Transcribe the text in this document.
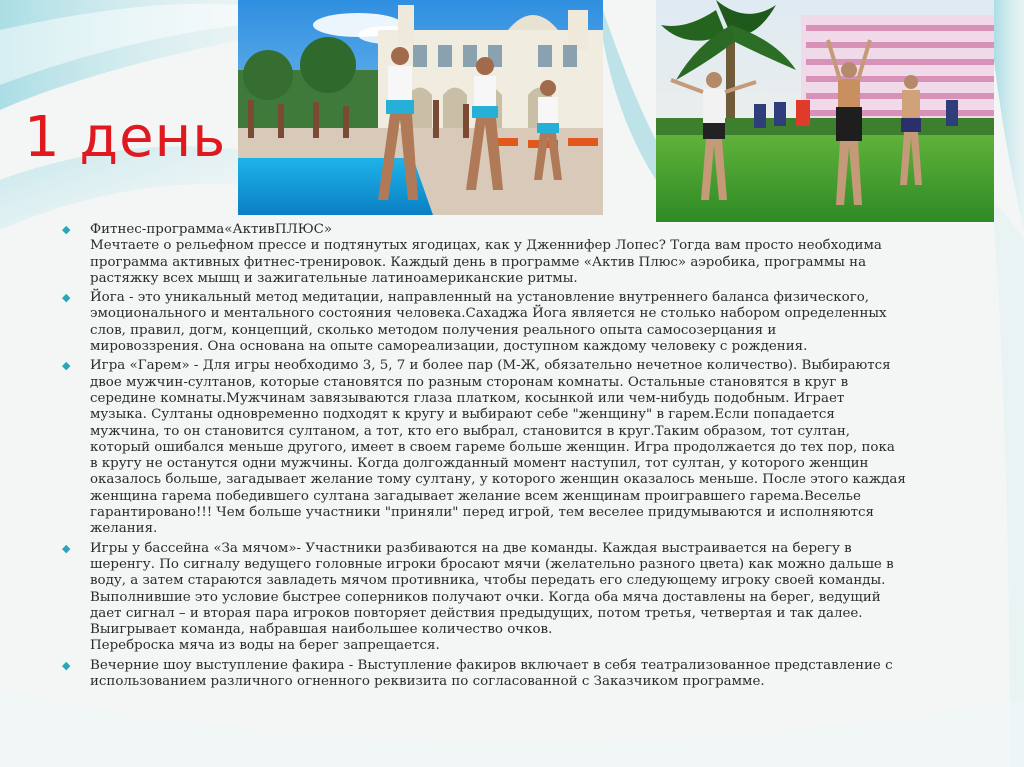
1 день
◆ Фитнес-программа«АктивПЛЮС»
Мечтаете о рельефном прессе и подтянутых ягодицах, как у Дженнифер Лопес? Тогда вам просто необходима
программа активных фитнес-тренировок. Каждый день в программе «Актив Плюс» аэробика, программы на
растяжку всех мышц и зажигательные латиноамериканские ритмы.
◆ Йога - это уникальный метод медитации, направленный на установление внутреннего баланса физического,
эмоционального и ментального состояния человека.Сахаджа Йога является не столько набором определенных
слов, правил, догм, концепций, сколько методом получения реального опыта самосозерцания и
мировоззрения. Она основана на опыте самореализации, доступном каждому человеку с рождения.
◆ Игра «Гарем» - Для игры необходимо 3, 5, 7 и более пар (М-Ж, обязательно нечетное количество). Выбираются
двое мужчин-султанов, которые становятся по разным сторонам комнаты. Остальные становятся в круг в
середине комнаты.Мужчинам завязываются глаза платком, косынкой или чем-нибудь подобным. Играет
музыка. Султаны одновременно подходят к кругу и выбирают себе "женщину" в гарем.Если попадается
мужчина, то он становится султаном, а тот, кто его выбрал, становится в круг.Таким образом, тот султан,
который ошибался меньше другого, имеет в своем гареме больше женщин. Игра продолжается до тех пор, пока
в кругу не останутся одни мужчины. Когда долгожданный момент наступил, тот султан, у которого женщин
оказалось больше, загадывает желание тому султану, у которого женщин оказалось меньше. После этого каждая
женщина гарема победившего султана загадывает желание всем женщинам проигравшего гарема.Веселье
гарантировано!!! Чем больше участники "приняли" перед игрой, тем веселее придумываются и исполняются
желания.
◆ Игры у бассейна «За мячом»- Участники разбиваются на две команды. Каждая выстраивается на берегу в
шеренгу. По сигналу ведущего головные игроки бросают мячи (желательно разного цвета) как можно дальше в
воду, а затем стараются завладеть мячом противника, чтобы передать его следующему игроку своей команды.
Выполнившие это условие быстрее соперников получают очки. Когда оба мяча доставлены на берег, ведущий
дает сигнал – и вторая пара игроков повторяет действия предыдущих, потом третья, четвертая и так далее.
Выигрывает команда, набравшая наибольшее количество очков.
Переброска мяча из воды на берег запрещается.
◆ Вечерние шоу выступление факира - Выступление факиров включает в себя театрализованное представление с
использованием различного огненного реквизита по согласованной с Заказчиком программе.
